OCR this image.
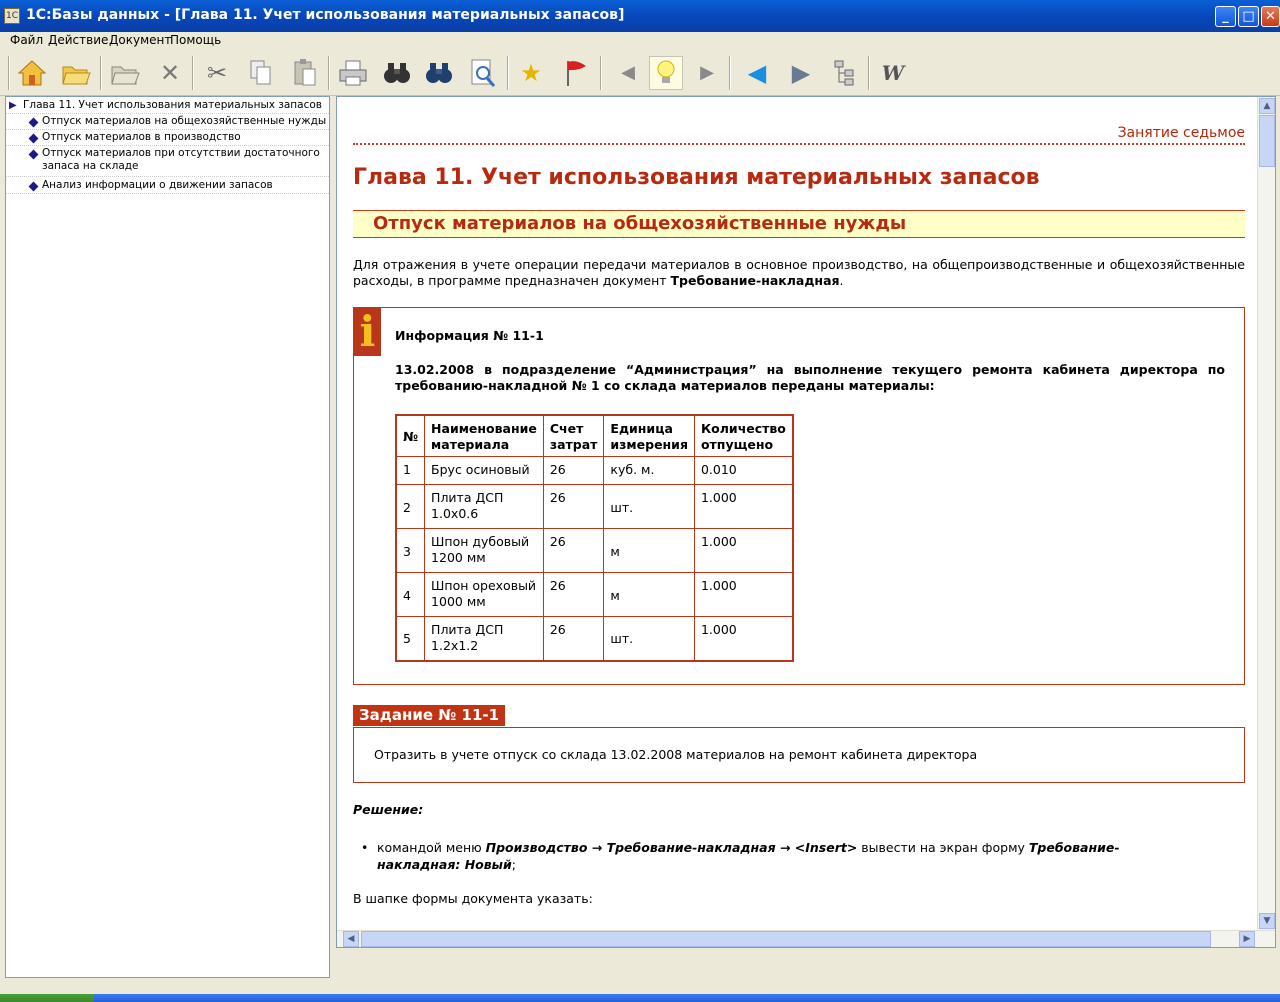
1С 1С:Базы данных - [Глава 11. Учет использования материальных запасов]	_	□ ✕
Файл Действие Документ
Помощь
✕ ✂	★	◀	▶	◀	▶	W
▶ Глава 11. Учет использования материальных запасов
Отпуск материалов на общехозяйственные нужды
Отпуск материалов в производство
Отпуск материалов при отсутствии достаточного
запаса на складе
Анализ информации о движении запасов
Занятие седьмое
Глава 11. Учет использования материальных запасов
Отпуск материалов на общехозяйственные нужды
Для отражения в учете операции передачи материалов в основное производство, на общепроизводственные и общехозяйственные расходы, в программе предназначен документ Требование-накладная.
i	Информация № 11-1
13.02.2008 в подразделение “Администрация” на выполнение текущего ремонта кабинета директора по требованию-накладной № 1 со склада материалов переданы материалы:
№	Наименование материала	Счет затрат	Единица измерения	Количество отпущено
1	Брус осиновый	26	куб. м.	0.010
2	Плита ДСП 1.0x0.6	26	шт.	1.000
3	Шпон дубовый 1200 мм	26	м	1.000
4	Шпон ореховый 1000 мм	26	м	1.000
5	Плита ДСП 1.2x1.2	26	шт.	1.000
Задание № 11-1
Отразить в учете отпуск со склада 13.02.2008 материалов на ремонт кабинета директора
Решение:
• командой меню Производство → Требование-накладная → <Insert> вывести на экран форму Требование-
накладная: Новый;
В шапке формы документа указать:
▲
▼
◀	▶
